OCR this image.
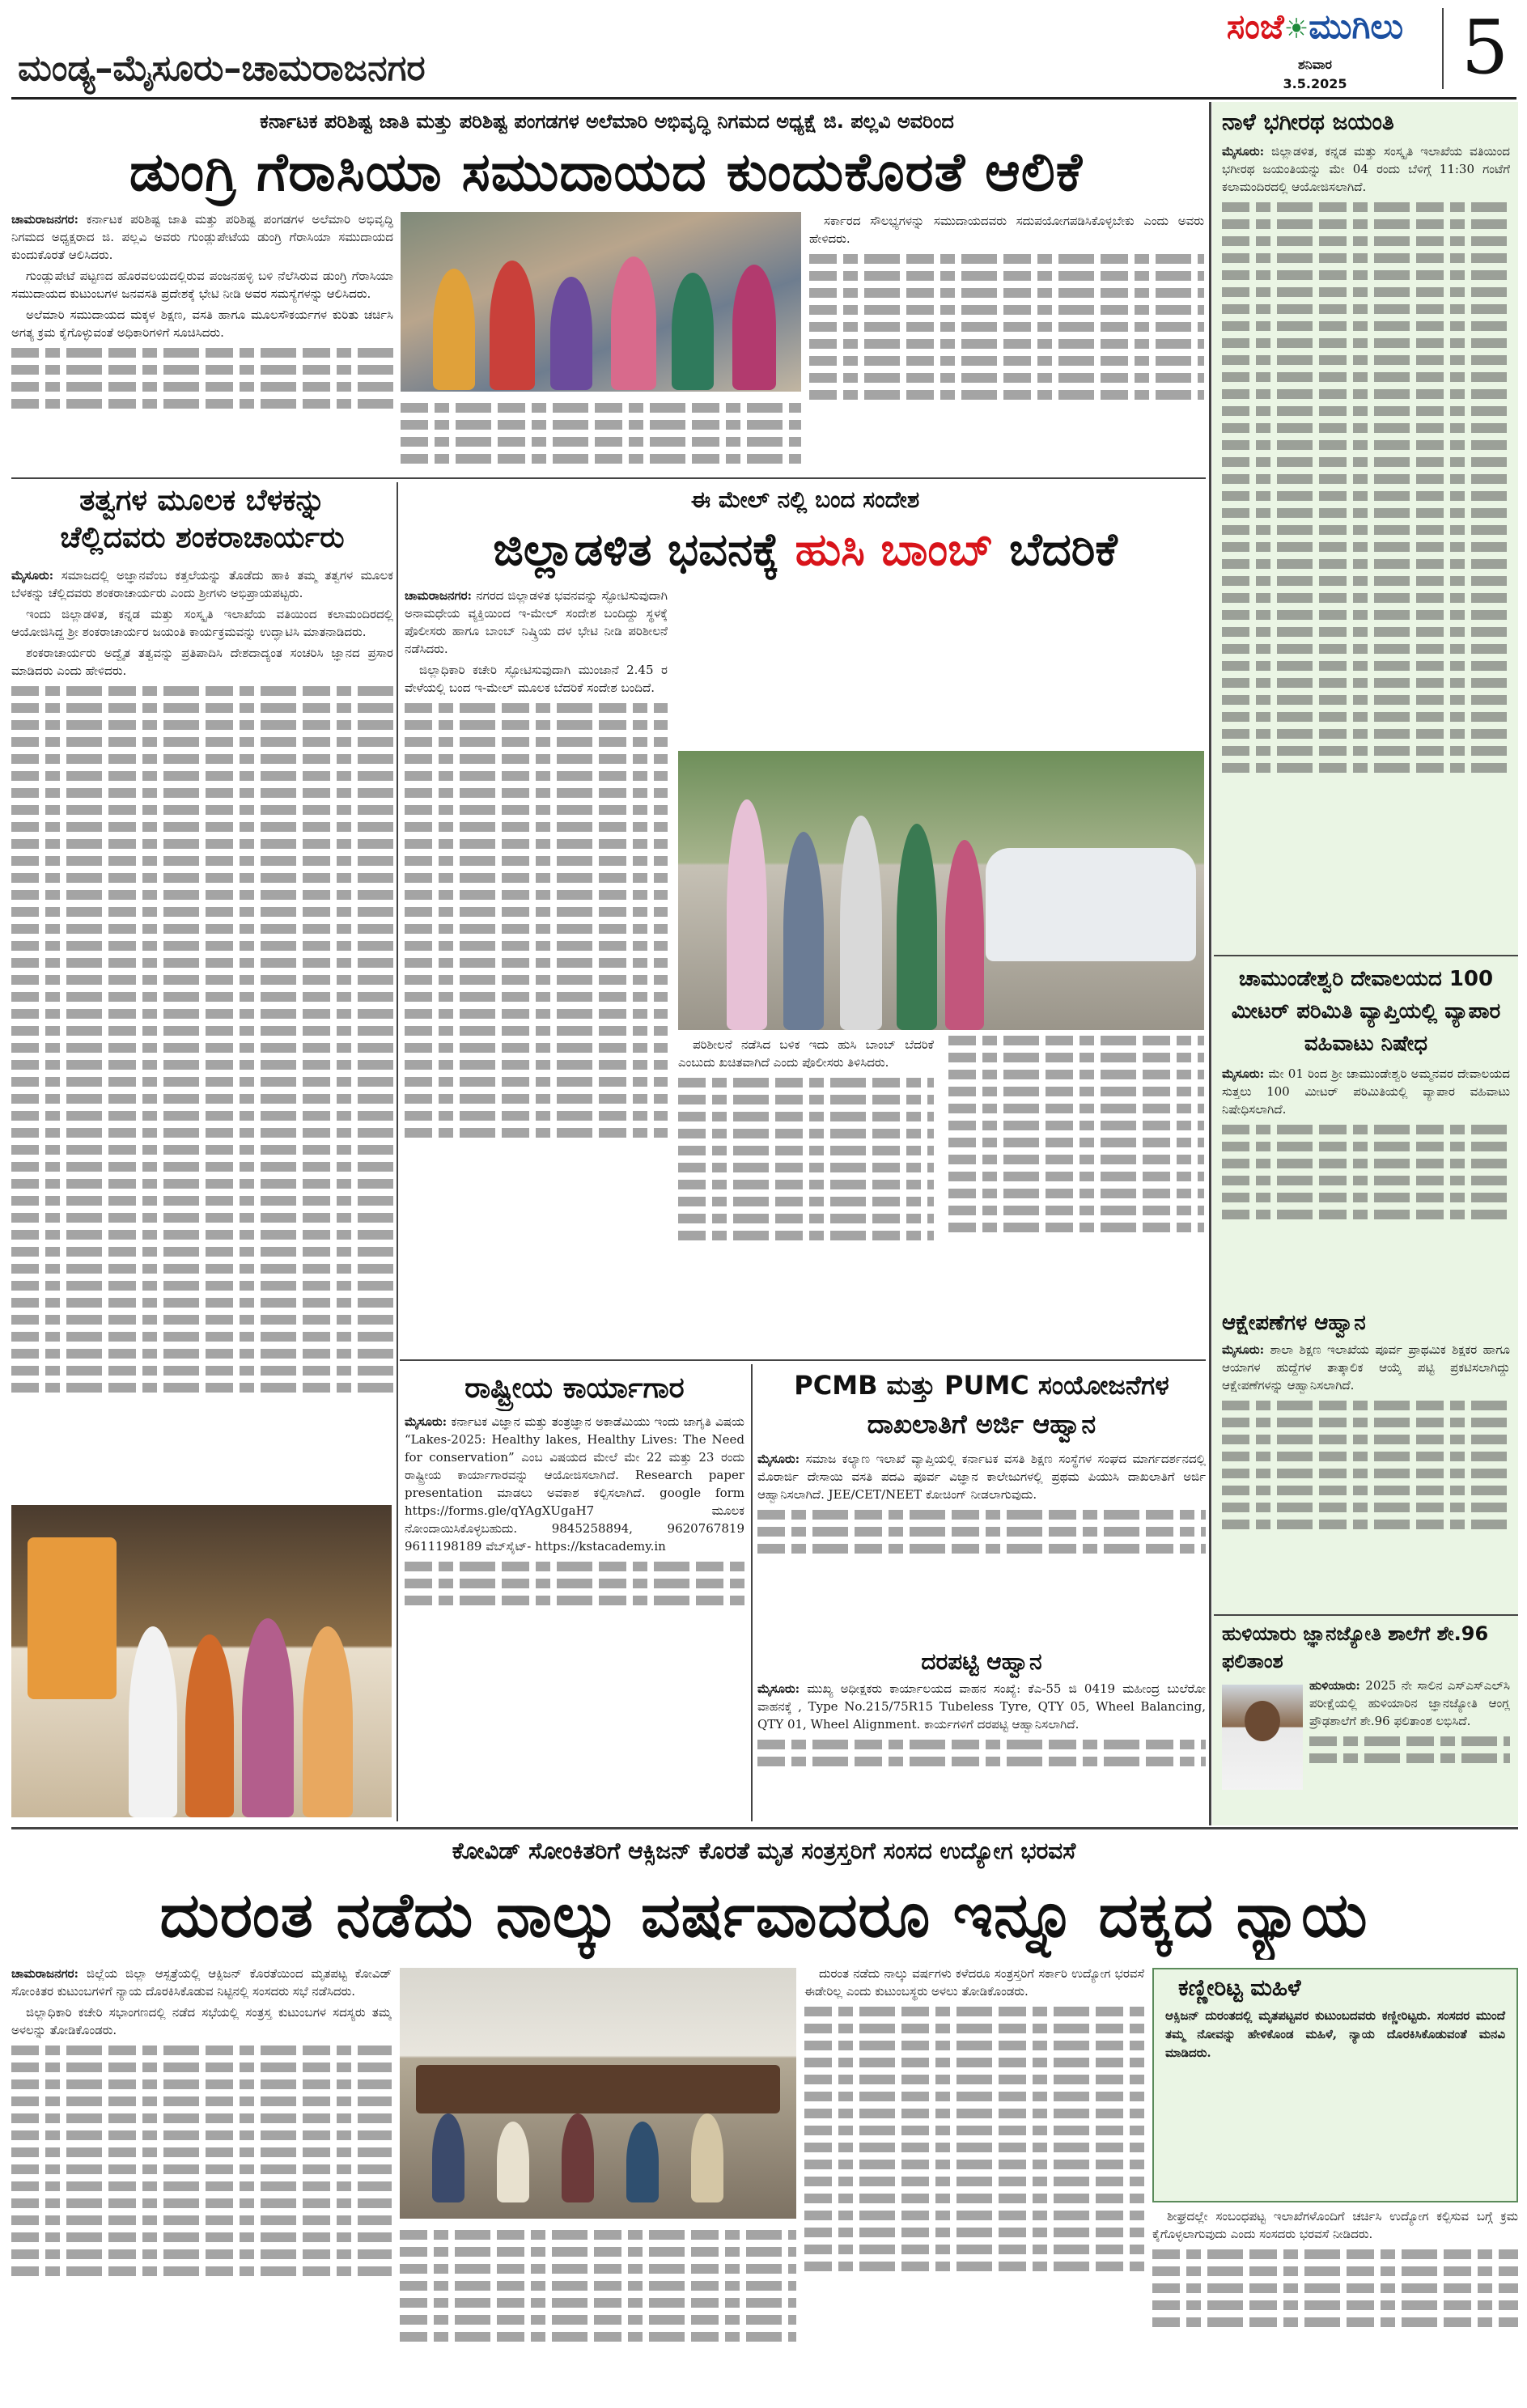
ಮಂಡ್ಯ–ಮೈಸೂರು–ಚಾಮರಾಜನಗರ
ಸಂಜೆ☀ಮುಗಿಲು
ಶನಿವಾರ
3.5.2025	5
ಕರ್ನಾಟಕ ಪರಿಶಿಷ್ಟ ಜಾತಿ ಮತ್ತು ಪರಿಶಿಷ್ಟ ಪಂಗಡಗಳ ಅಲೆಮಾರಿ ಅಭಿವೃದ್ಧಿ ನಿಗಮದ ಅಧ್ಯಕ್ಷೆ ಜಿ. ಪಲ್ಲವಿ ಅವರಿಂದ
ಡುಂಗ್ರಿ ಗೆರಾಸಿಯಾ ಸಮುದಾಯದ ಕುಂದುಕೊರತೆ ಆಲಿಕೆ

ಚಾಮರಾಜನಗರ: ಕರ್ನಾಟಕ ಪರಿಶಿಷ್ಟ ಜಾತಿ ಮತ್ತು ಪರಿಶಿಷ್ಟ ಪಂಗಡಗಳ ಅಲೆಮಾರಿ ಅಭಿವೃದ್ಧಿ ನಿಗಮದ ಅಧ್ಯಕ್ಷರಾದ ಜಿ. ಪಲ್ಲವಿ ಅವರು ಗುಂಡ್ಲುಪೇಟೆಯ ಡುಂಗ್ರಿ ಗೆರಾಸಿಯಾ ಸಮುದಾಯದ ಕುಂದುಕೊರತೆ ಆಲಿಸಿದರು.

ಗುಂಡ್ಲುಪೇಟೆ ಪಟ್ಟಣದ ಹೊರವಲಯದಲ್ಲಿರುವ ಪಂಜನಹಳ್ಳಿ ಬಳಿ ನೆಲೆಸಿರುವ ಡುಂಗ್ರಿ ಗೆರಾಸಿಯಾ ಸಮುದಾಯದ ಕುಟುಂಬಗಳ ಜನವಸತಿ ಪ್ರದೇಶಕ್ಕೆ ಭೇಟಿ ನೀಡಿ ಅವರ ಸಮಸ್ಯೆಗಳನ್ನು ಆಲಿಸಿದರು.

ಅಲೆಮಾರಿ ಸಮುದಾಯದ ಮಕ್ಕಳ ಶಿಕ್ಷಣ, ವಸತಿ ಹಾಗೂ ಮೂಲಸೌಕರ್ಯಗಳ ಕುರಿತು ಚರ್ಚಿಸಿ ಅಗತ್ಯ ಕ್ರಮ ಕೈಗೊಳ್ಳುವಂತೆ ಅಧಿಕಾರಿಗಳಿಗೆ ಸೂಚಿಸಿದರು.

ಸರ್ಕಾರದ ಸೌಲಭ್ಯಗಳನ್ನು ಸಮುದಾಯದವರು ಸದುಪಯೋಗಪಡಿಸಿಕೊಳ್ಳಬೇಕು ಎಂದು ಅವರು ಹೇಳಿದರು.

ನಾಳೆ ಭಗೀರಥ ಜಯಂತಿ

ಮೈಸೂರು: ಜಿಲ್ಲಾಡಳಿತ, ಕನ್ನಡ ಮತ್ತು ಸಂಸ್ಕೃತಿ ಇಲಾಖೆಯ ವತಿಯಿಂದ ಭಗೀರಥ ಜಯಂತಿಯನ್ನು ಮೇ 04 ರಂದು ಬೆಳಿಗ್ಗೆ 11:30 ಗಂಟೆಗೆ ಕಲಾಮಂದಿರದಲ್ಲಿ ಆಯೋಜಿಸಲಾಗಿದೆ.

ಚಾಮುಂಡೇಶ್ವರಿ ದೇವಾಲಯದ 100 ಮೀಟರ್ ಪರಿಮಿತಿ ವ್ಯಾಪ್ತಿಯಲ್ಲಿ ವ್ಯಾಪಾರ ವಹಿವಾಟು ನಿಷೇಧ

ಮೈಸೂರು: ಮೇ 01 ರಿಂದ ಶ್ರೀ ಚಾಮುಂಡೇಶ್ವರಿ ಅಮ್ಮನವರ ದೇವಾಲಯದ ಸುತ್ತಲು 100 ಮೀಟರ್ ಪರಿಮಿತಿಯಲ್ಲಿ ವ್ಯಾಪಾರ ವಹಿವಾಟು ನಿಷೇಧಿಸಲಾಗಿದೆ.

ಆಕ್ಷೇಪಣೆಗಳ ಆಹ್ವಾನ

ಮೈಸೂರು: ಶಾಲಾ ಶಿಕ್ಷಣ ಇಲಾಖೆಯ ಪೂರ್ವ ಪ್ರಾಥಮಿಕ ಶಿಕ್ಷಕರ ಹಾಗೂ ಆಯಾಗಳ ಹುದ್ದೆಗಳ ತಾತ್ಕಾಲಿಕ ಆಯ್ಕೆ ಪಟ್ಟಿ ಪ್ರಕಟಿಸಲಾಗಿದ್ದು ಆಕ್ಷೇಪಣೆಗಳನ್ನು ಆಹ್ವಾನಿಸಲಾಗಿದೆ.

ಹುಳಿಯಾರು ಜ್ಞಾನಜ್ಯೋತಿ ಶಾಲೆಗೆ ಶೇ.96 ಫಲಿತಾಂಶ

ಹುಳಿಯಾರು: 2025 ನೇ ಸಾಲಿನ ಎಸ್ಎಸ್ಎಲ್‌ಸಿ ಪರೀಕ್ಷೆಯಲ್ಲಿ ಹುಳಿಯಾರಿನ ಜ್ಞಾನಜ್ಯೋತಿ ಆಂಗ್ಲ ಪ್ರೌಢಶಾಲೆಗೆ ಶೇ.96 ಫಲಿತಾಂಶ ಲಭಿಸಿದೆ.

ತತ್ವಗಳ ಮೂಲಕ ಬೆಳಕನ್ನು
ಚೆಲ್ಲಿದವರು ಶಂಕರಾಚಾರ್ಯರು

ಮೈಸೂರು: ಸಮಾಜದಲ್ಲಿ ಅಜ್ಞಾನವೆಂಬ ಕತ್ತಲೆಯನ್ನು ತೊಡೆದು ಹಾಕಿ ತಮ್ಮ ತತ್ವಗಳ ಮೂಲಕ ಬೆಳಕನ್ನು ಚೆಲ್ಲಿದವರು ಶಂಕರಾಚಾರ್ಯರು ಎಂದು ಶ್ರೀಗಳು ಅಭಿಪ್ರಾಯಪಟ್ಟರು.

ಇಂದು ಜಿಲ್ಲಾಡಳಿತ, ಕನ್ನಡ ಮತ್ತು ಸಂಸ್ಕೃತಿ ಇಲಾಖೆಯ ವತಿಯಿಂದ ಕಲಾಮಂದಿರದಲ್ಲಿ ಆಯೋಜಿಸಿದ್ದ ಶ್ರೀ ಶಂಕರಾಚಾರ್ಯರ ಜಯಂತಿ ಕಾರ್ಯಕ್ರಮವನ್ನು ಉದ್ಘಾಟಿಸಿ ಮಾತನಾಡಿದರು.

ಶಂಕರಾಚಾರ್ಯರು ಅದ್ವೈತ ತತ್ವವನ್ನು ಪ್ರತಿಪಾದಿಸಿ ದೇಶದಾದ್ಯಂತ ಸಂಚರಿಸಿ ಜ್ಞಾನದ ಪ್ರಸಾರ ಮಾಡಿದರು ಎಂದು ಹೇಳಿದರು.

ಈ ಮೇಲ್ ನಲ್ಲಿ ಬಂದ ಸಂದೇಶ
ಜಿಲ್ಲಾಡಳಿತ ಭವನಕ್ಕೆ ಹುಸಿ ಬಾಂಬ್ ಬೆದರಿಕೆ

ಚಾಮರಾಜನಗರ: ನಗರದ ಜಿಲ್ಲಾಡಳಿತ ಭವನವನ್ನು ಸ್ಫೋಟಿಸುವುದಾಗಿ ಅನಾಮಧೇಯ ವ್ಯಕ್ತಿಯಿಂದ ಇ-ಮೇಲ್ ಸಂದೇಶ ಬಂದಿದ್ದು ಸ್ಥಳಕ್ಕೆ ಪೊಲೀಸರು ಹಾಗೂ ಬಾಂಬ್ ನಿಷ್ಕ್ರಿಯ ದಳ ಭೇಟಿ ನೀಡಿ ಪರಿಶೀಲನೆ ನಡೆಸಿದರು.

ಜಿಲ್ಲಾಧಿಕಾರಿ ಕಚೇರಿ ಸ್ಫೋಟಿಸುವುದಾಗಿ ಮುಂಜಾನೆ 2.45 ರ ವೇಳೆಯಲ್ಲಿ ಬಂದ ಇ-ಮೇಲ್ ಮೂಲಕ ಬೆದರಿಕೆ ಸಂದೇಶ ಬಂದಿದೆ.

ಪರಿಶೀಲನೆ ನಡೆಸಿದ ಬಳಿಕ ಇದು ಹುಸಿ ಬಾಂಬ್ ಬೆದರಿಕೆ ಎಂಬುದು ಖಚಿತವಾಗಿದೆ ಎಂದು ಪೊಲೀಸರು ತಿಳಿಸಿದರು.

ರಾಷ್ಟ್ರೀಯ ಕಾರ್ಯಾಗಾರ

ಮೈಸೂರು: ಕರ್ನಾಟಕ ವಿಜ್ಞಾನ ಮತ್ತು ತಂತ್ರಜ್ಞಾನ ಅಕಾಡೆಮಿಯು ಇಂದು ಜಾಗೃತಿ ವಿಷಯ “Lakes-2025: Healthy lakes, Healthy Lives: The Need for conservation” ಎಂಬ ವಿಷಯದ ಮೇಲೆ ಮೇ 22 ಮತ್ತು 23 ರಂದು ರಾಷ್ಟ್ರೀಯ ಕಾರ್ಯಾಗಾರವನ್ನು ಆಯೋಜಿಸಲಾಗಿದೆ. Research paper presentation ಮಾಡಲು ಅವಕಾಶ ಕಲ್ಪಿಸಲಾಗಿದೆ. google form https://forms.gle/qYAgXUgaH7 ಮೂಲಕ ನೋಂದಾಯಿಸಿಕೊಳ್ಳಬಹುದು. 9845258894, 9620767819 9611198189 ವೆಬ್‌ಸೈಟ್- https://kstacademy.in

PCMB ಮತ್ತು PUMC ಸಂಯೋಜನೆಗಳ
ದಾಖಲಾತಿಗೆ ಅರ್ಜಿ ಆಹ್ವಾನ

ಮೈಸೂರು: ಸಮಾಜ ಕಲ್ಯಾಣ ಇಲಾಖೆ ವ್ಯಾಪ್ತಿಯಲ್ಲಿ ಕರ್ನಾಟಕ ವಸತಿ ಶಿಕ್ಷಣ ಸಂಸ್ಥೆಗಳ ಸಂಘದ ಮಾರ್ಗದರ್ಶನದಲ್ಲಿ ಮೊರಾರ್ಜಿ ದೇಸಾಯಿ ವಸತಿ ಪದವಿ ಪೂರ್ವ ವಿಜ್ಞಾನ ಕಾಲೇಜುಗಳಲ್ಲಿ ಪ್ರಥಮ ಪಿಯುಸಿ ದಾಖಲಾತಿಗೆ ಅರ್ಜಿ ಆಹ್ವಾನಿಸಲಾಗಿದೆ. JEE/CET/NEET ಕೋಚಿಂಗ್ ನೀಡಲಾಗುವುದು.

ದರಪಟ್ಟಿ ಆಹ್ವಾನ

ಮೈಸೂರು: ಮುಖ್ಯ ಅಧೀಕ್ಷಕರು ಕಾರ್ಯಾಲಯದ ವಾಹನ ಸಂಖ್ಯೆ: ಕೆಎ-55 ಜಿ 0419 ಮಹೀಂದ್ರ ಬುಲೆರೋ ವಾಹನಕ್ಕೆ , Type No.215/75R15 Tubeless Tyre, QTY 05, Wheel Balancing, QTY 01, Wheel Alignment. ಕಾರ್ಯಗಳಿಗೆ ದರಪಟ್ಟಿ ಆಹ್ವಾನಿಸಲಾಗಿದೆ.

ಕೋವಿಡ್ ಸೋಂಕಿತರಿಗೆ ಆಕ್ಸಿಜನ್ ಕೊರತೆ ಮೃತ ಸಂತ್ರಸ್ತರಿಗೆ ಸಂಸದ ಉದ್ಯೋಗ ಭರವಸೆ
ದುರಂತ ನಡೆದು ನಾಲ್ಕು ವರ್ಷವಾದರೂ ಇನ್ನೂ ದಕ್ಕದ ನ್ಯಾಯ

ಚಾಮರಾಜನಗರ: ಜಿಲ್ಲೆಯ ಜಿಲ್ಲಾ ಆಸ್ಪತ್ರೆಯಲ್ಲಿ ಆಕ್ಸಿಜನ್ ಕೊರತೆಯಿಂದ ಮೃತಪಟ್ಟ ಕೋವಿಡ್ ಸೋಂಕಿತರ ಕುಟುಂಬಗಳಿಗೆ ನ್ಯಾಯ ದೊರಕಿಸಿಕೊಡುವ ನಿಟ್ಟಿನಲ್ಲಿ ಸಂಸದರು ಸಭೆ ನಡೆಸಿದರು.

ಜಿಲ್ಲಾಧಿಕಾರಿ ಕಚೇರಿ ಸಭಾಂಗಣದಲ್ಲಿ ನಡೆದ ಸಭೆಯಲ್ಲಿ ಸಂತ್ರಸ್ತ ಕುಟುಂಬಗಳ ಸದಸ್ಯರು ತಮ್ಮ ಅಳಲನ್ನು ತೋಡಿಕೊಂಡರು.

ದುರಂತ ನಡೆದು ನಾಲ್ಕು ವರ್ಷಗಳು ಕಳೆದರೂ ಸಂತ್ರಸ್ತರಿಗೆ ಸರ್ಕಾರಿ ಉದ್ಯೋಗ ಭರವಸೆ ಈಡೇರಿಲ್ಲ ಎಂದು ಕುಟುಂಬಸ್ಥರು ಅಳಲು ತೋಡಿಕೊಂಡರು.	ಕಣ್ಣೀರಿಟ್ಟ ಮಹಿಳೆ
ಆಕ್ಸಿಜನ್ ದುರಂತದಲ್ಲಿ ಮೃತಪಟ್ಟವರ ಕುಟುಂಬದವರು ಕಣ್ಣೀರಿಟ್ಟರು. ಸಂಸದರ ಮುಂದೆ ತಮ್ಮ ನೋವನ್ನು ಹೇಳಿಕೊಂಡ ಮಹಿಳೆ, ನ್ಯಾಯ ದೊರಕಿಸಿಕೊಡುವಂತೆ ಮನವಿ ಮಾಡಿದರು.

ಶೀಘ್ರದಲ್ಲೇ ಸಂಬಂಧಪಟ್ಟ ಇಲಾಖೆಗಳೊಂದಿಗೆ ಚರ್ಚಿಸಿ ಉದ್ಯೋಗ ಕಲ್ಪಿಸುವ ಬಗ್ಗೆ ಕ್ರಮ ಕೈಗೊಳ್ಳಲಾಗುವುದು ಎಂದು ಸಂಸದರು ಭರವಸೆ ನೀಡಿದರು.
